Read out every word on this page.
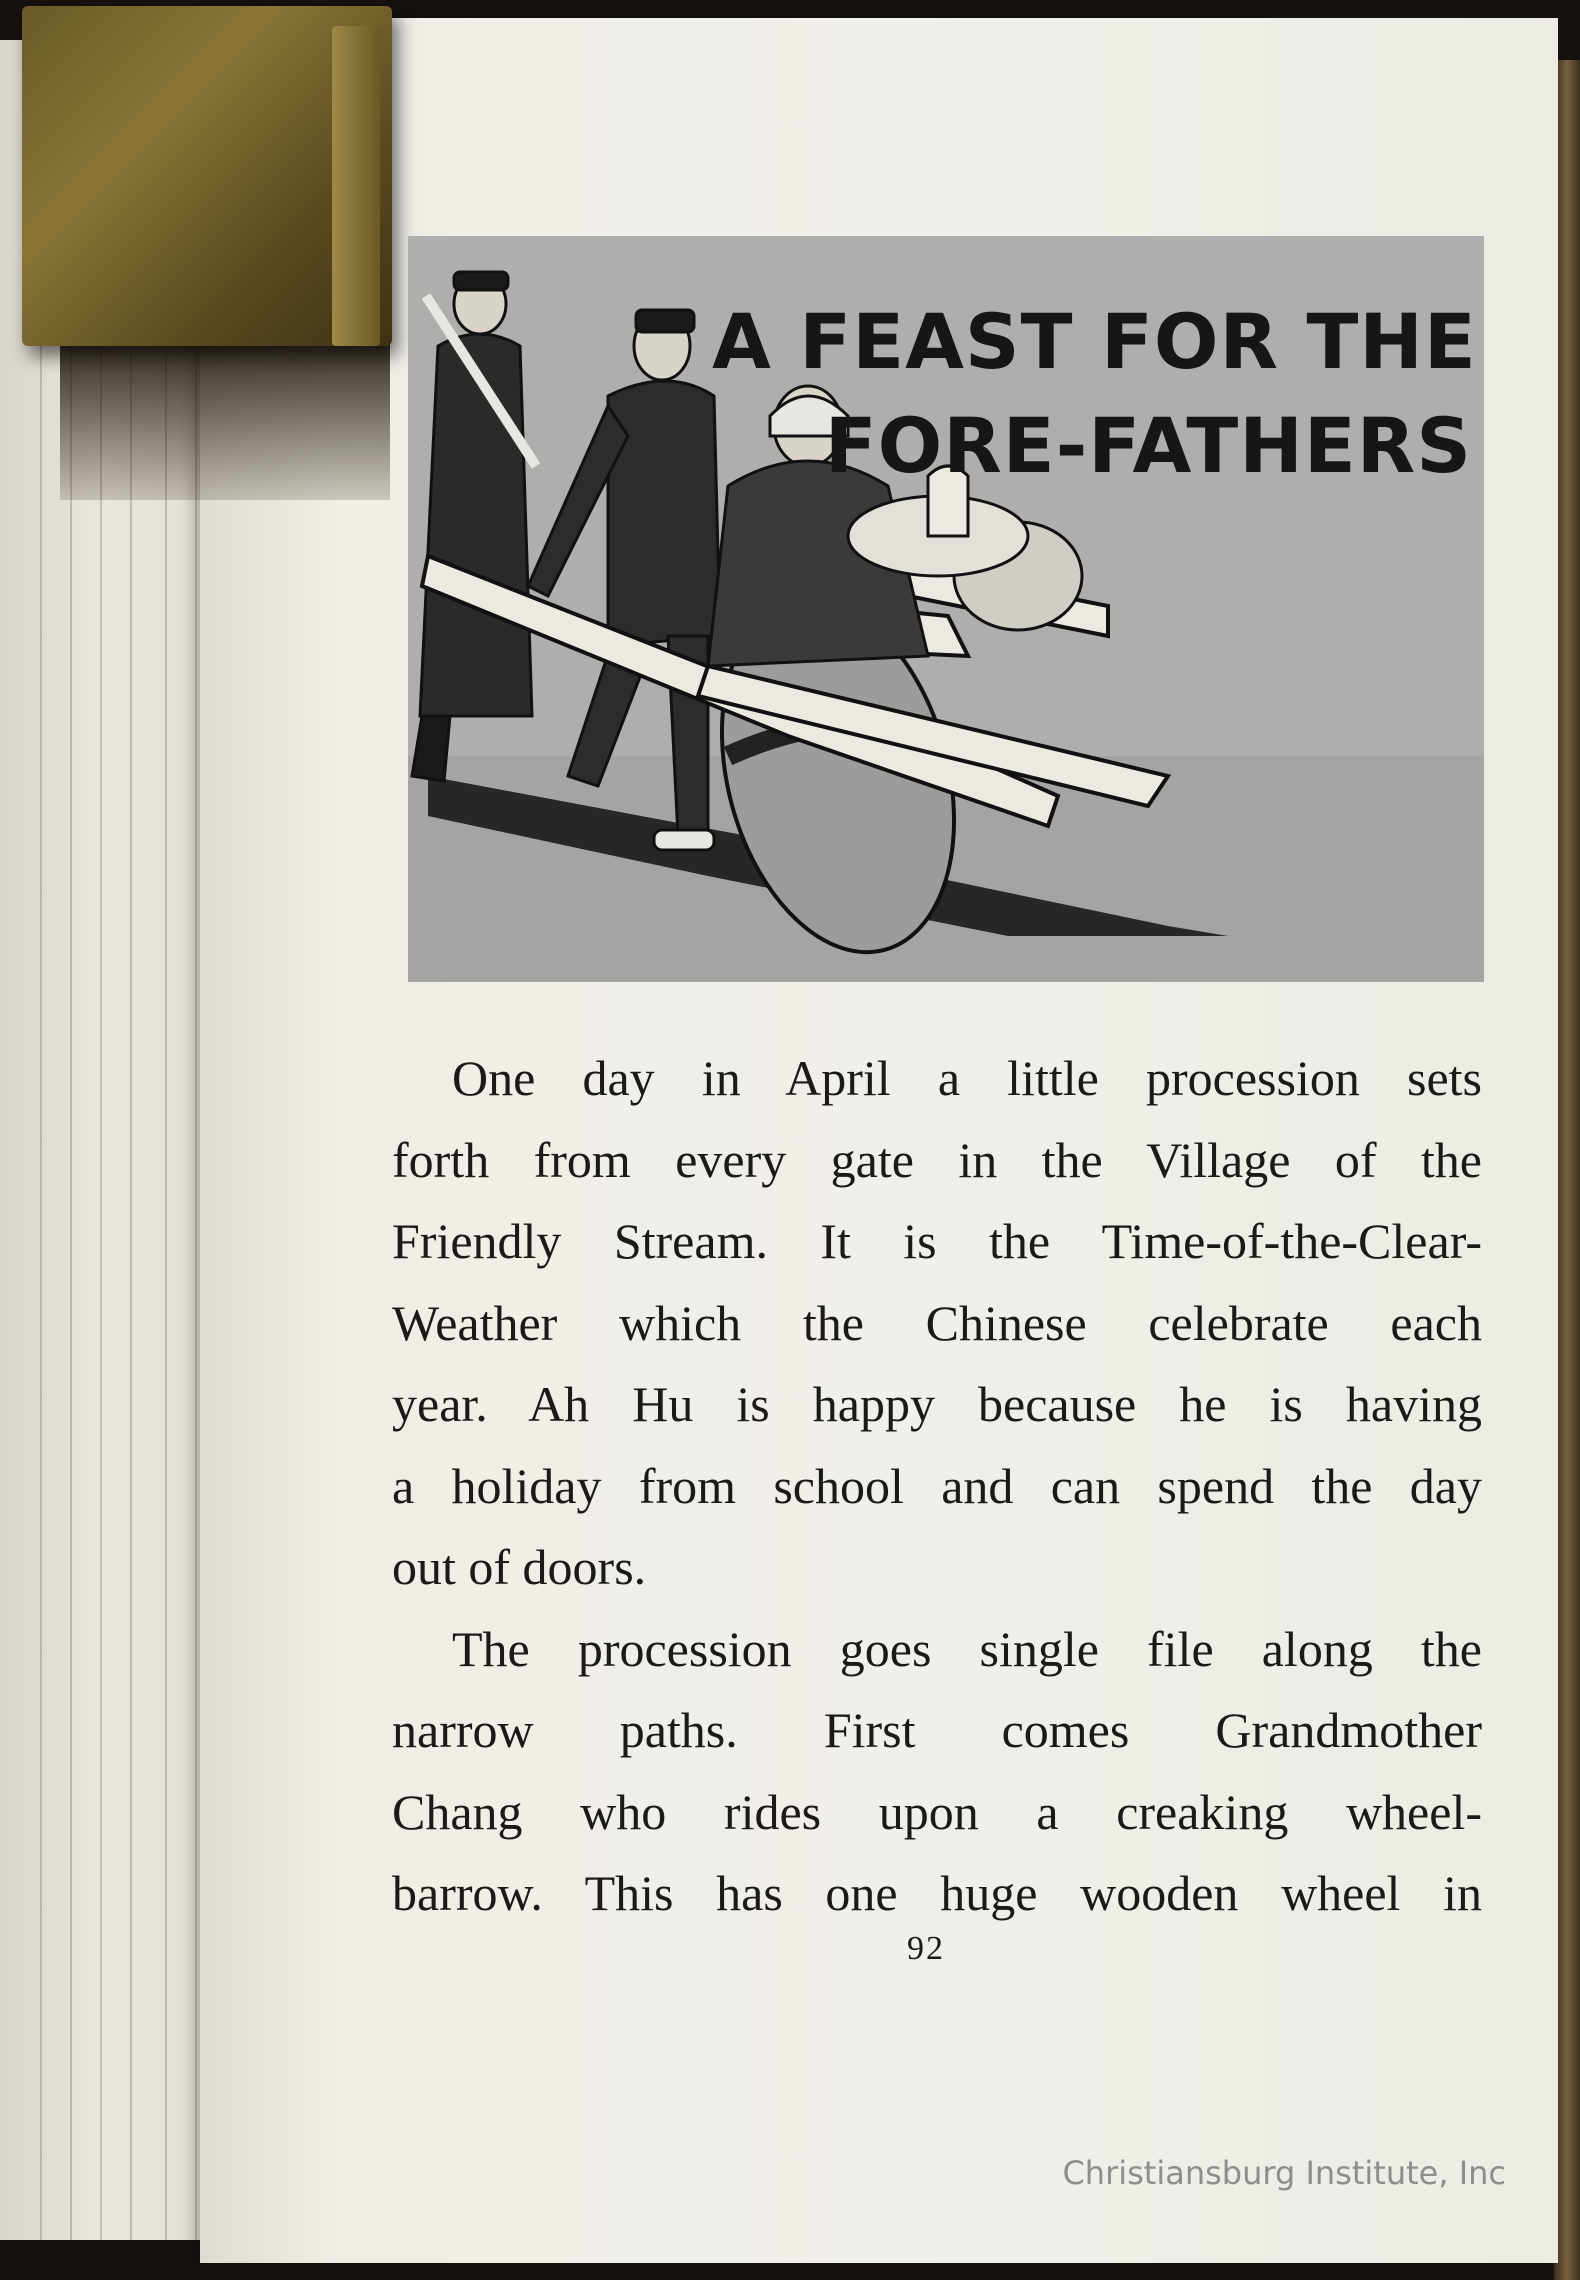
A FEAST FOR THE
FORE-FATHERS

One day in April a little procession sets
forth from every gate in the Village of the
Friendly Stream. It is the Time-of-the-Clear-
Weather which the Chinese celebrate each
year. Ah Hu is happy because he is having
a holiday from school and can spend the day
out of doors.

The procession goes single file along the
narrow paths. First comes Grandmother
Chang who rides upon a creaking wheel-
barrow. This has one huge wooden wheel in

92
Christiansburg Institute, Inc
